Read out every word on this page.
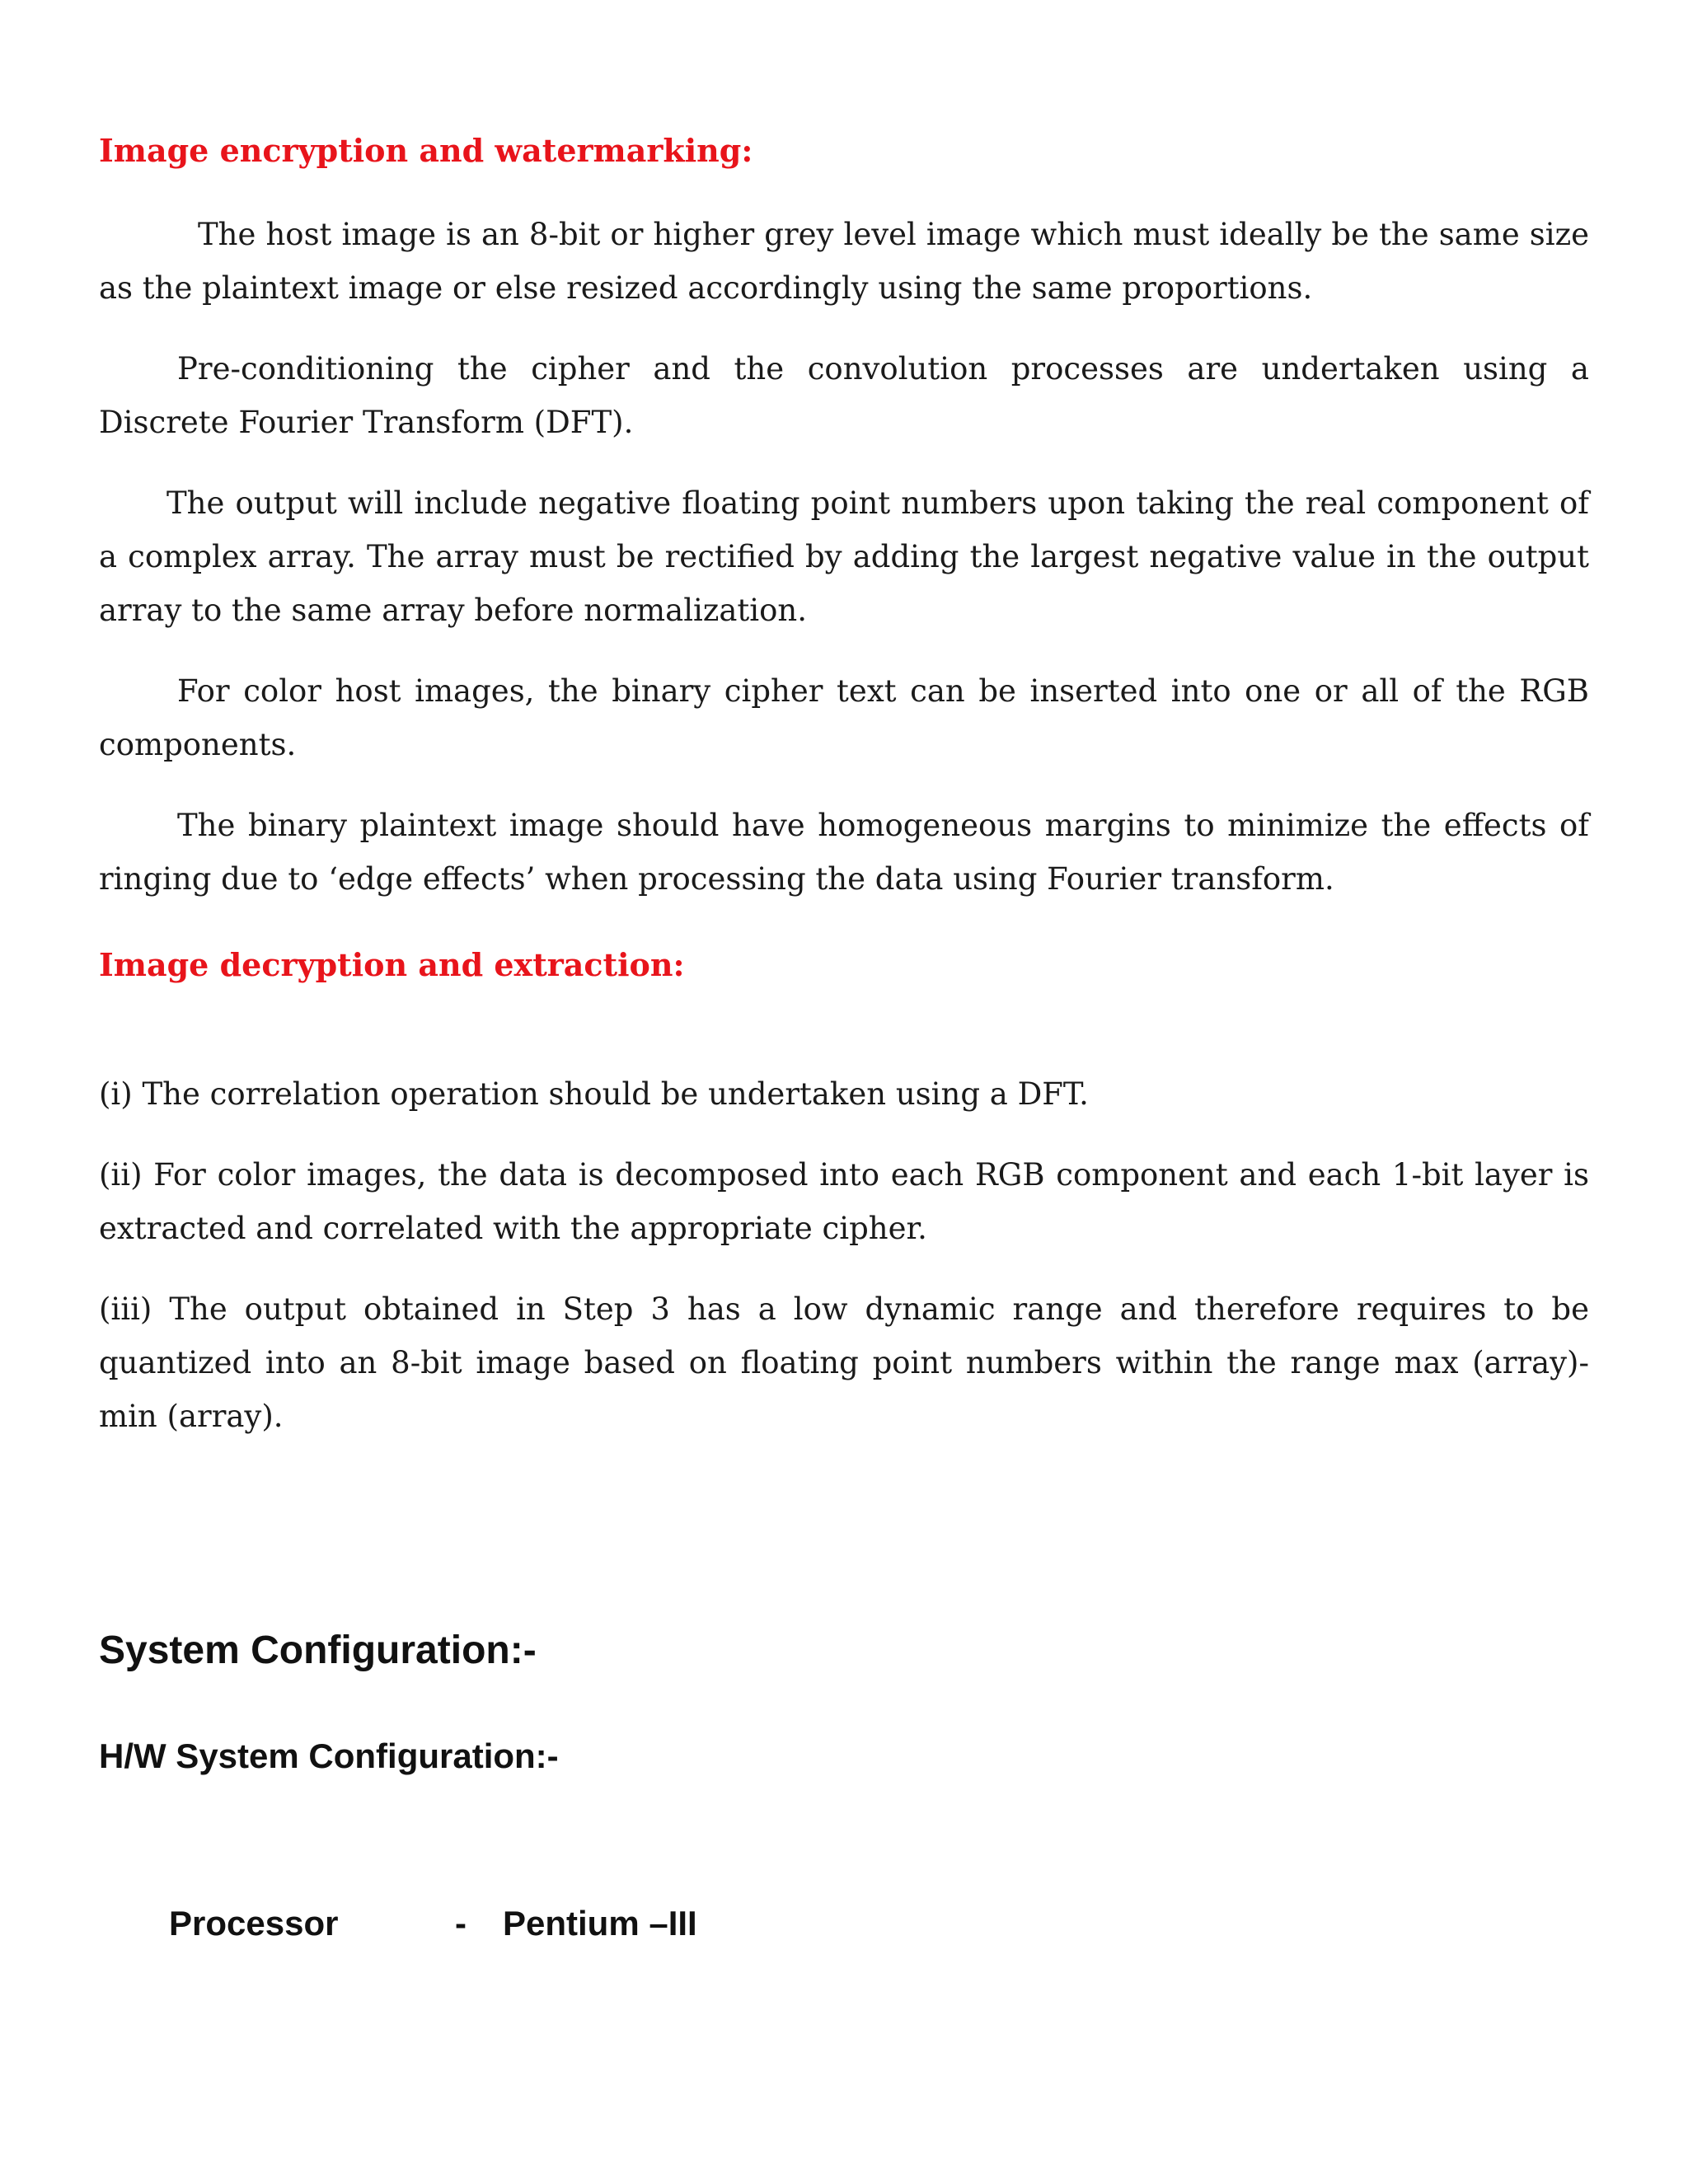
Image encryption and watermarking:

The host image is an 8-bit or higher grey level image which must ideally be the same size as the plaintext image or else resized accordingly using the same proportions.

Pre-conditioning the cipher and the convolution processes are undertaken using a Discrete Fourier Transform (DFT).

The output will include negative floating point numbers upon taking the real component of a complex array. The array must be rectified by adding the largest negative value in the output array to the same array before normalization.

For color host images, the binary cipher text can be inserted into one or all of the RGB components.

The binary plaintext image should have homogeneous margins to minimize the effects of ringing due to ‘edge effects’ when processing the data using Fourier transform.

Image decryption and extraction:

(i) The correlation operation should be undertaken using a DFT.

(ii) For color images, the data is decomposed into each RGB component and each 1-bit layer is extracted and correlated with the appropriate cipher.

(iii) The output obtained in Step 3 has a low dynamic range and therefore requires to be quantized into an 8-bit image based on floating point numbers within the range max (array)-min (array).

System Configuration:-
H/W System Configuration:-
Processor	- Pentium –III
